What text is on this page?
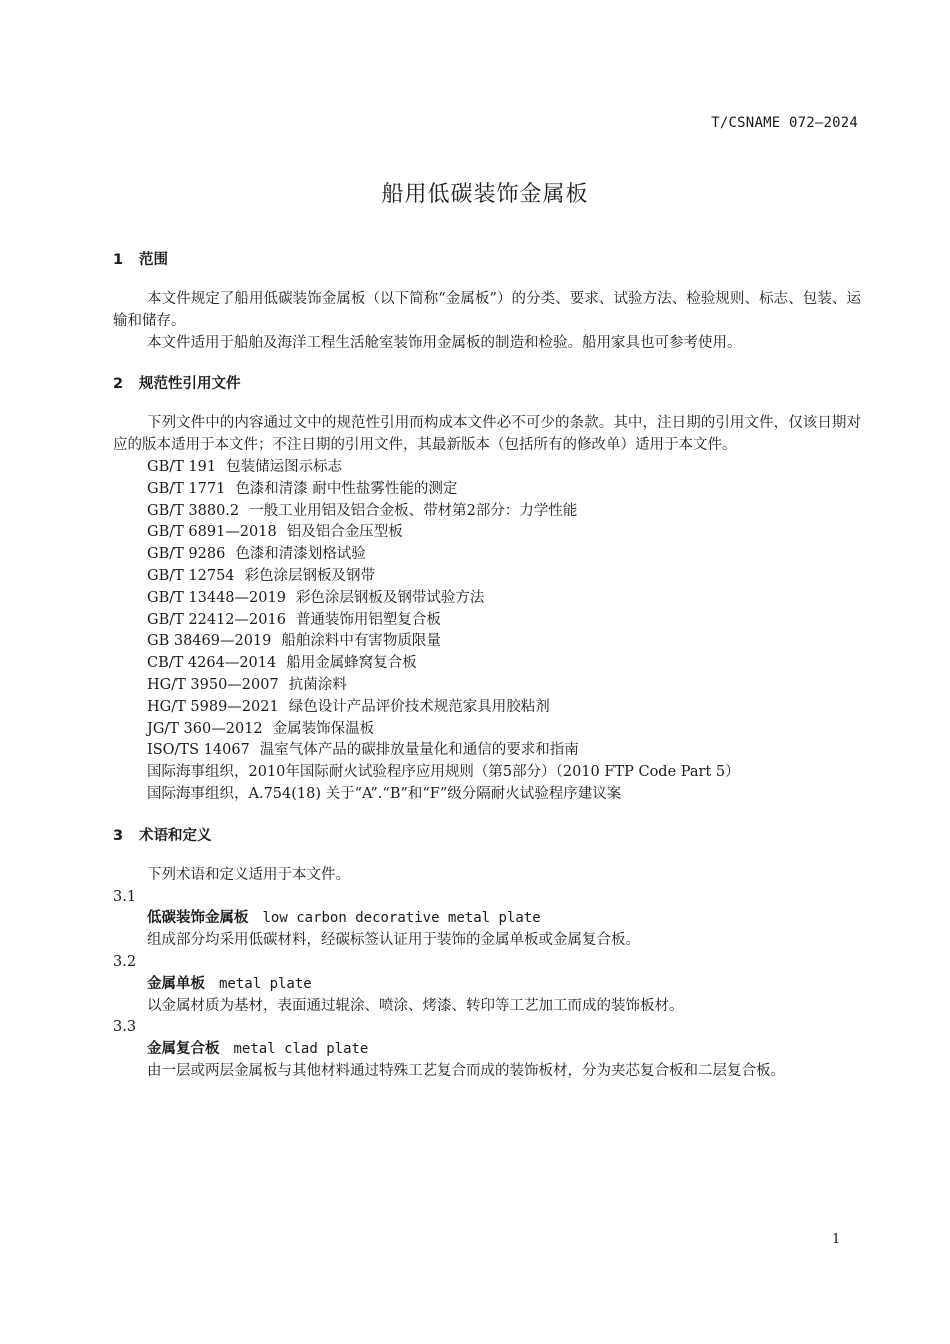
T/CSNAME 072—2024
船用低碳装饰金属板
1 范围
本文件规定了船用低碳装饰金属板（以下简称“金属板”）的分类、要求、试验方法、检验规则、标志、包装、运输和储存。
本文件适用于船舶及海洋工程生活舱室装饰用金属板的制造和检验。船用家具也可参考使用。
2 规范性引用文件
下列文件中的内容通过文中的规范性引用而构成本文件必不可少的条款。其中，注日期的引用文件，仅该日期对应的版本适用于本文件；不注日期的引用文件，其最新版本（包括所有的修改单）适用于本文件。
GB/T 191 包装储运图示标志
GB/T 1771 色漆和清漆 耐中性盐雾性能的测定
GB/T 3880.2 一般工业用铝及铝合金板、带材第2部分：力学性能
GB/T 6891—2018 铝及铝合金压型板
GB/T 9286 色漆和清漆划格试验
GB/T 12754 彩色涂层钢板及钢带
GB/T 13448—2019 彩色涂层钢板及钢带试验方法
GB/T 22412—2016 普通装饰用铝塑复合板
GB 38469—2019 船舶涂料中有害物质限量
CB/T 4264—2014 船用金属蜂窝复合板
HG/T 3950—2007 抗菌涂料
HG/T 5989—2021 绿色设计产品评价技术规范家具用胶粘剂
JG/T 360—2012 金属装饰保温板
ISO/TS 14067 温室气体产品的碳排放量量化和通信的要求和指南
国际海事组织，2010年国际耐火试验程序应用规则（第5部分）（2010 FTP Code Part 5）
国际海事组织，A.754(18) 关于“A”.“B”和“F”级分隔耐火试验程序建议案
3 术语和定义
下列术语和定义适用于本文件。
3.1
低碳装饰金属板 low carbon decorative metal plate
组成部分均采用低碳材料，经碳标签认证用于装饰的金属单板或金属复合板。
3.2
金属单板 metal plate
以金属材质为基材，表面通过辊涂、喷涂、烤漆、转印等工艺加工而成的装饰板材。
3.3
金属复合板 metal clad plate
由一层或两层金属板与其他材料通过特殊工艺复合而成的装饰板材，分为夹芯复合板和二层复合板。
1
